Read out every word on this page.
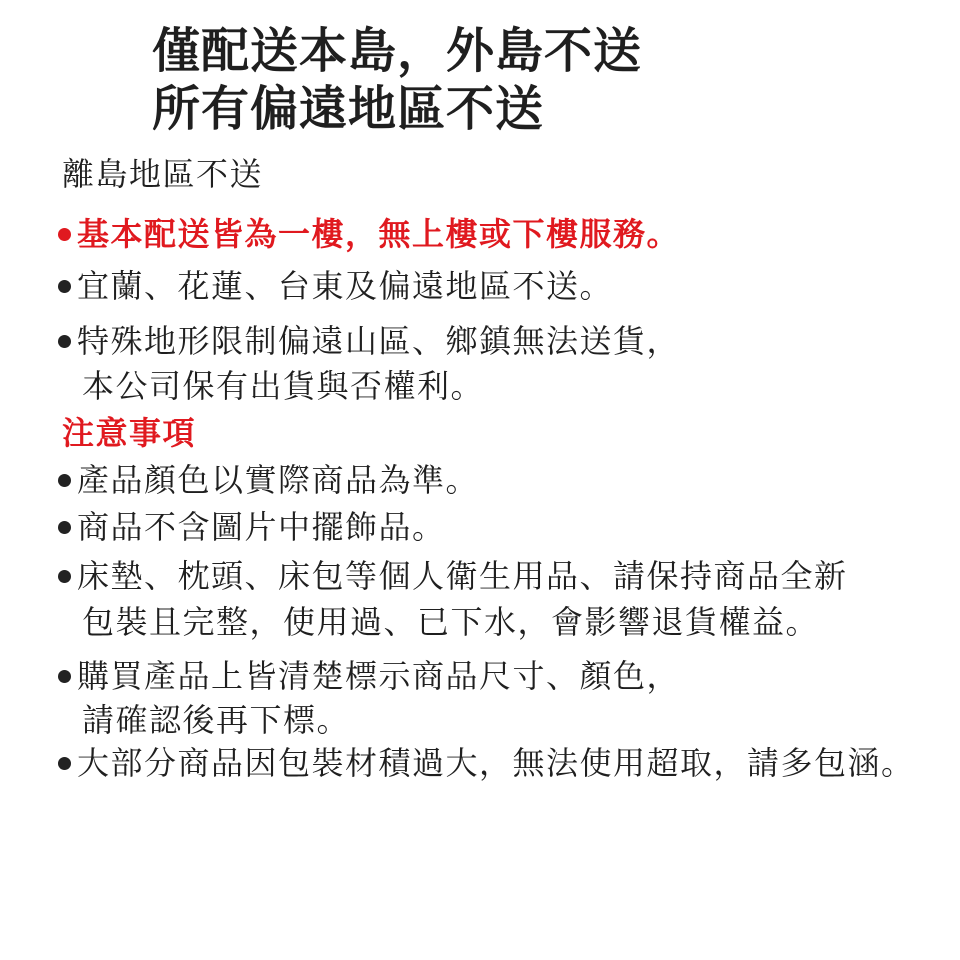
僅配送本島，外島不送
所有偏遠地區不送
離島地區不送
基本配送皆為一樓，無上樓或下樓服務。
宜蘭、花蓮、台東及偏遠地區不送。
特殊地形限制偏遠山區、鄉鎮無法送貨，
本公司保有出貨與否權利。
注意事項
產品顏色以實際商品為準。
商品不含圖片中擺飾品。
床墊、枕頭、床包等個人衛生用品、請保持商品全新
包裝且完整，使用過、已下水，會影響退貨權益。
購買產品上皆清楚標示商品尺寸、顏色，
請確認後再下標。
大部分商品因包裝材積過大，無法使用超取，請多包涵。
